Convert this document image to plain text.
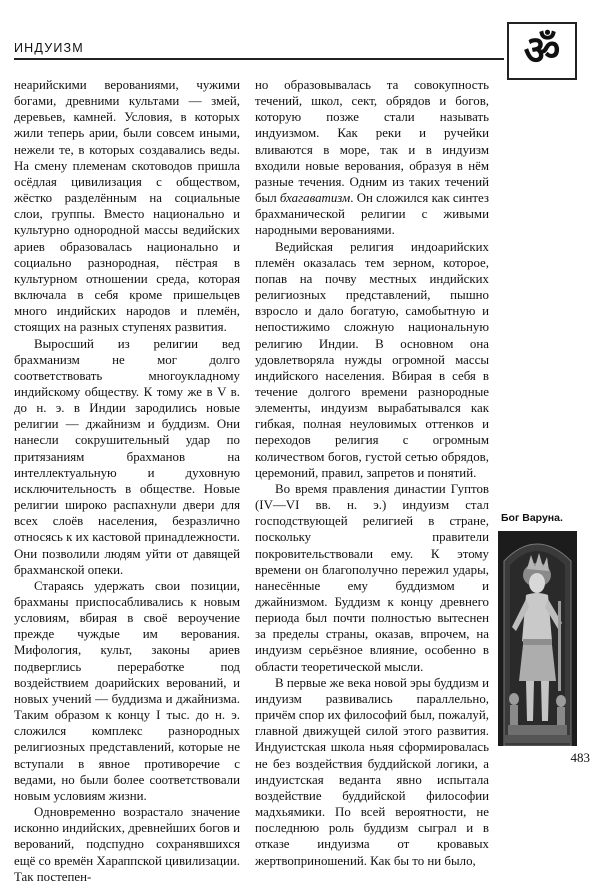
ИНДУИЗМ	ॐ

неарийскими верованиями, чужими богами, древними культами — змей, деревьев, камней. Условия, в которых жили теперь арии, были совсем иными, нежели те, в которых создавались веды. На смену племенам скотоводов пришла осёдлая цивилизация с обществом, жёстко разделённым на социальные слои, группы. Вместо национально и культурно однородной массы ведийских ариев образовалась национально и социально разнородная, пёстрая в культурном отношении среда, которая включала в себя кроме пришельцев много индийских народов и племён, стоящих на разных ступенях развития.

Выросший из религии вед брахманизм не мог долго соответствовать многоукладному индийскому обществу. К тому же в V в. до н. э. в Индии зародились новые религии — джайнизм и буддизм. Они нанесли сокрушительный удар по притязаниям брахманов на интеллектуальную и духовную исключительность в обществе. Новые религии широко распахнули двери для всех слоёв населения, безразлично относясь к их кастовой принадлежности. Они позволили людям уйти от давящей брахманской опеки.

Стараясь удержать свои позиции, брахманы приспосабливались к новым условиям, вбирая в своё вероучение прежде чуждые им верования. Мифология, культ, законы ариев подверглись переработке под воздействием доарийских верований, и новых учений — буддизма и джайнизма. Таким образом к концу I тыс. до н. э. сложился комплекс разнородных религиозных представлений, которые не вступали в явное противоречие с ведами, но были более соответствовали новым условиям жизни.

Одновременно возрастало значение исконно индийских, древнейших богов и верований, подспудно сохранявшихся ещё со времён Хараппской цивилизации. Так постепен-

но образовывалась та совокупность течений, школ, сект, обрядов и богов, которую позже стали называть индуизмом. Как реки и ручейки вливаются в море, так и в индуизм входили новые верования, образуя в нём разные течения. Одним из таких течений был бхагаватизм. Он сложился как синтез брахманической религии с живыми народными верованиями.

Ведийская религия индоарийских племён оказалась тем зерном, которое, попав на почву местных индийских религиозных представлений, пышно взросло и дало богатую, самобытную и непостижимо сложную национальную религию Индии. В основном она удовлетворяла нужды огромной массы индийского населения. Вбирая в себя в течение долгого времени разнородные элементы, индуизм вырабатывался как гибкая, полная неуловимых оттенков и переходов религия с огромным количеством богов, густой сетью обрядов, церемоний, правил, запретов и понятий.

Во время правления династии Гуптов (IV—VI вв. н. э.) индуизм стал господствующей религией в стране, поскольку правители покровительствовали ему. К этому времени он благополучно пережил удары, нанесённые ему буддизмом и джайнизмом. Буддизм к концу древнего периода был почти полностью вытеснен за пределы страны, оказав, впрочем, на индуизм серьёзное влияние, особенно в области теоретической мысли.

В первые же века новой эры буддизм и индуизм развивались параллельно, причём спор их философий был, пожалуй, главной движущей силой этого развития. Индуистская школа ньяя сформировалась не без воздействия буддийской логики, а индуистская веданта явно испытала воздействие буддийской философии мадхьямики. По всей вероятности, не последнюю роль буддизм сыграл и в отказе индуизма от кровавых жертвоприношений. Как бы то ни было,

Бог Варуна.
483
